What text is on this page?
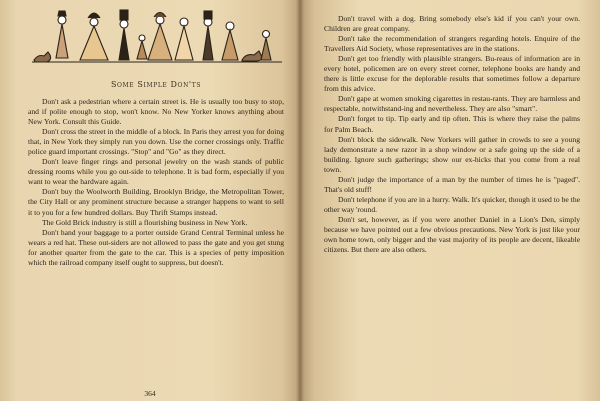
Some Simple Don'ts

Don't ask a pedestrian where a certain street is. He is usually too busy to stop, and if polite enough to stop, won't know. No New Yorker knows anything about New York. Consult this Guide.

Don't cross the street in the middle of a block. In Paris they arrest you for doing that, in New York they simply run you down. Use the corner crossings only. Traffic police guard important crossings. "Stop" and "Go" as they direct.

Don't leave finger rings and personal jewelry on the wash stands of public dressing rooms while you go out-side to telephone. It is bad form, especially if you want to wear the hardware again.

Don't buy the Woolworth Building, Brooklyn Bridge, the Metropolitan Tower, the City Hall or any prominent structure because a stranger happens to want to sell it to you for a few hundred dollars. Buy Thrift Stamps instead.

The Gold Brick industry is still a flourishing business in New York.

Don't hand your baggage to a porter outside Grand Central Terminal unless he wears a red hat. These out-siders are not allowed to pass the gate and you get stung for another quarter from the gate to the car. This is a species of petty imposition which the railroad company itself ought to suppress, but doesn't.

364

Don't travel with a dog. Bring somebody else's kid if you can't your own. Children are great company.

Don't take the recommendation of strangers regarding hotels. Enquire of the Travellers Aid Society, whose representatives are in the stations.

Don't get too friendly with plausible strangers. Bu-reaus of information are in every hotel, policemen are on every street corner, telephone books are handy and there is little excuse for the deplorable results that sometimes follow a departure from this advice.

Don't gape at women smoking cigarettes in restau-rants. They are harmless and respectable, notwithstand-ing and nevertheless. They are also "smart".

Don't forget to tip. Tip early and tip often. This is where they raise the palms for Palm Beach.

Don't block the sidewalk. New Yorkers will gather in crowds to see a young lady demonstrate a new razor in a shop window or a safe going up the side of a building. Ignore such gatherings; show our ex-hicks that you come from a real town.

Don't judge the importance of a man by the number of times he is "paged". That's old stuff!

Don't telephone if you are in a hurry. Walk. It's quicker, though it used to be the other way 'round.

Don't set, however, as if you were another Daniel in a Lion's Den, simply because we have pointed out a few obvious precautions. New York is just like your own home town, only bigger and the vast majority of its people are decent, likeable citizens. But there are also others.
